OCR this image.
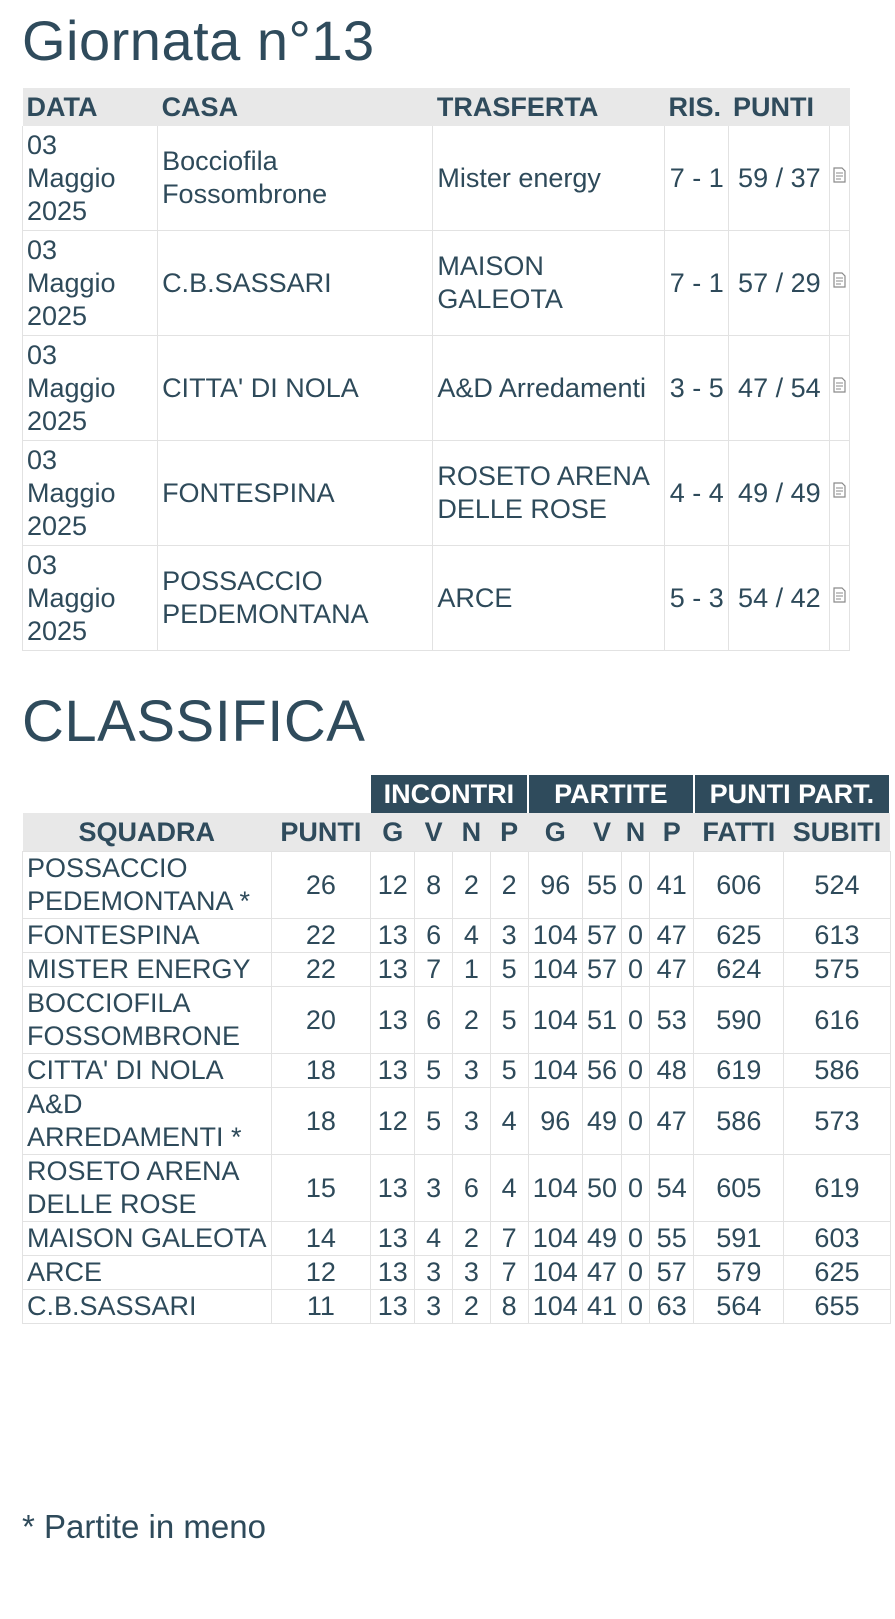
Giornata n°13
DATA	CASA	TRASFERTA	RIS.	PUNTI	
03 Maggio 2025	Bocciofila Fossombrone	Mister energy	7 - 1	59 / 37	
03 Maggio 2025	C.B.SASSARI	MAISON GALEOTA	7 - 1	57 / 29	
03 Maggio 2025	CITTA' DI NOLA	A&D Arredamenti	3 - 5	47 / 54	
03 Maggio 2025	FONTESPINA	ROSETO ARENA DELLE ROSE	4 - 4	49 / 49	
03 Maggio 2025	POSSACCIO PEDEMONTANA	ARCE	5 - 3	54 / 42	
CLASSIFICA
		INCONTRI				PARTITE				PUNTI PART.	
SQUADRA	PUNTI	G	V	N	P	G	V	N	P	FATTI	SUBITI
POSSACCIO PEDEMONTANA *	26	12	8	2	2	96	55	0	41	606	524
FONTESPINA	22	13	6	4	3	104	57	0	47	625	613
MISTER ENERGY	22	13	7	1	5	104	57	0	47	624	575
BOCCIOFILA FOSSOMBRONE	20	13	6	2	5	104	51	0	53	590	616
CITTA' DI NOLA	18	13	5	3	5	104	56	0	48	619	586
A&D ARREDAMENTI *	18	12	5	3	4	96	49	0	47	586	573
ROSETO ARENA DELLE ROSE	15	13	3	6	4	104	50	0	54	605	619
MAISON GALEOTA	14	13	4	2	7	104	49	0	55	591	603
ARCE	12	13	3	3	7	104	47	0	57	579	625
C.B.SASSARI	11	13	3	2	8	104	41	0	63	564	655
* Partite in meno
